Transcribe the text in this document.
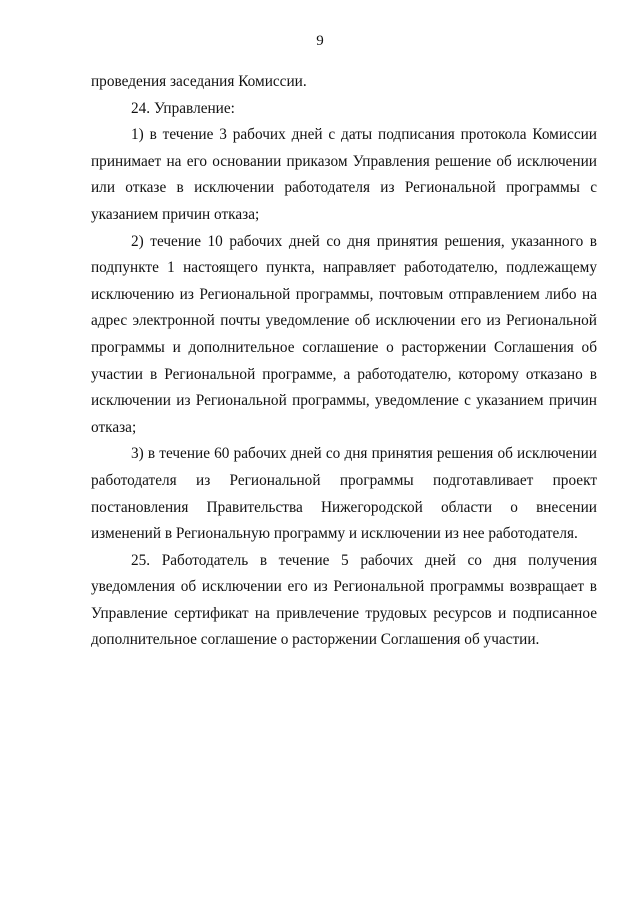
9

проведения заседания Комиссии.

24. Управление:

1) в течение 3 рабочих дней с даты подписания протокола Комиссии принимает на его основании приказом Управления решение об исключении или отказе в исключении работодателя из Региональной программы с указанием причин отказа;

2) течение 10 рабочих дней со дня принятия решения, указанного в подпункте 1 настоящего пункта, направляет работодателю, подлежащему исключению из Региональной программы, почтовым отправлением либо на адрес электронной почты уведомление об исключении его из Региональной программы и дополнительное соглашение о расторжении Соглашения об участии в Региональной программе, а работодателю, которому отказано в исключении из Региональной программы, уведомление с указанием причин отказа;

3) в течение 60 рабочих дней со дня принятия решения об исключении работодателя из Региональной программы подготавливает проект постановления Правительства Нижегородской области о внесении изменений в Региональную программу и исключении из нее работодателя.

25. Работодатель в течение 5 рабочих дней со дня получения уведомления об исключении его из Региональной программы возвращает в Управление сертификат на привлечение трудовых ресурсов и подписанное дополнительное соглашение о расторжении Соглашения об участии.
